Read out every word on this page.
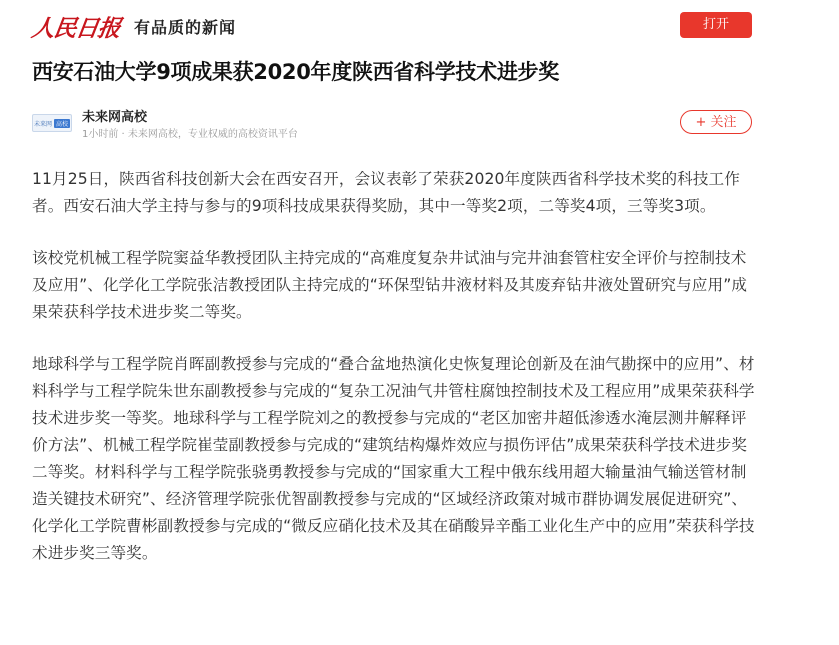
人民日报 有品质的新闻	打开
西安石油大学9项成果获2020年度陕西省科学技术进步奖
未来网 高校 未来网高校
1小时前 · 未来网高校，专业权威的高校资讯平台
+ 关注

11月25日，陕西省科技创新大会在西安召开，会议表彰了荣获2020年度陕西省科学技术奖的科技工作者。西安石油大学主持与参与的9项科技成果获得奖励，其中一等奖2项，二等奖4项，三等奖3项。

该校党机械工程学院窦益华教授团队主持完成的“高难度复杂井试油与完井油套管柱安全评价与控制技术及应用”、化学化工学院张洁教授团队主持完成的“环保型钻井液材料及其废弃钻井液处置研究与应用”成果荣获科学技术进步奖二等奖。

地球科学与工程学院肖晖副教授参与完成的“叠合盆地热演化史恢复理论创新及在油气勘探中的应用”、材料科学与工程学院朱世东副教授参与完成的“复杂工况油气井管柱腐蚀控制技术及工程应用”成果荣获科学技术进步奖一等奖。地球科学与工程学院刘之的教授参与完成的“老区加密井超低渗透水淹层测井解释评价方法”、机械工程学院崔莹副教授参与完成的“建筑结构爆炸效应与损伤评估”成果荣获科学技术进步奖二等奖。材料科学与工程学院张骁勇教授参与完成的“国家重大工程中俄东线用超大输量油气输送管材制造关键技术研究”、经济管理学院张优智副教授参与完成的“区域经济政策对城市群协调发展促进研究”、 化学化工学院曹彬副教授参与完成的“微反应硝化技术及其在硝酸异辛酯工业化生产中的应用”荣获科学技术进步奖三等奖。
